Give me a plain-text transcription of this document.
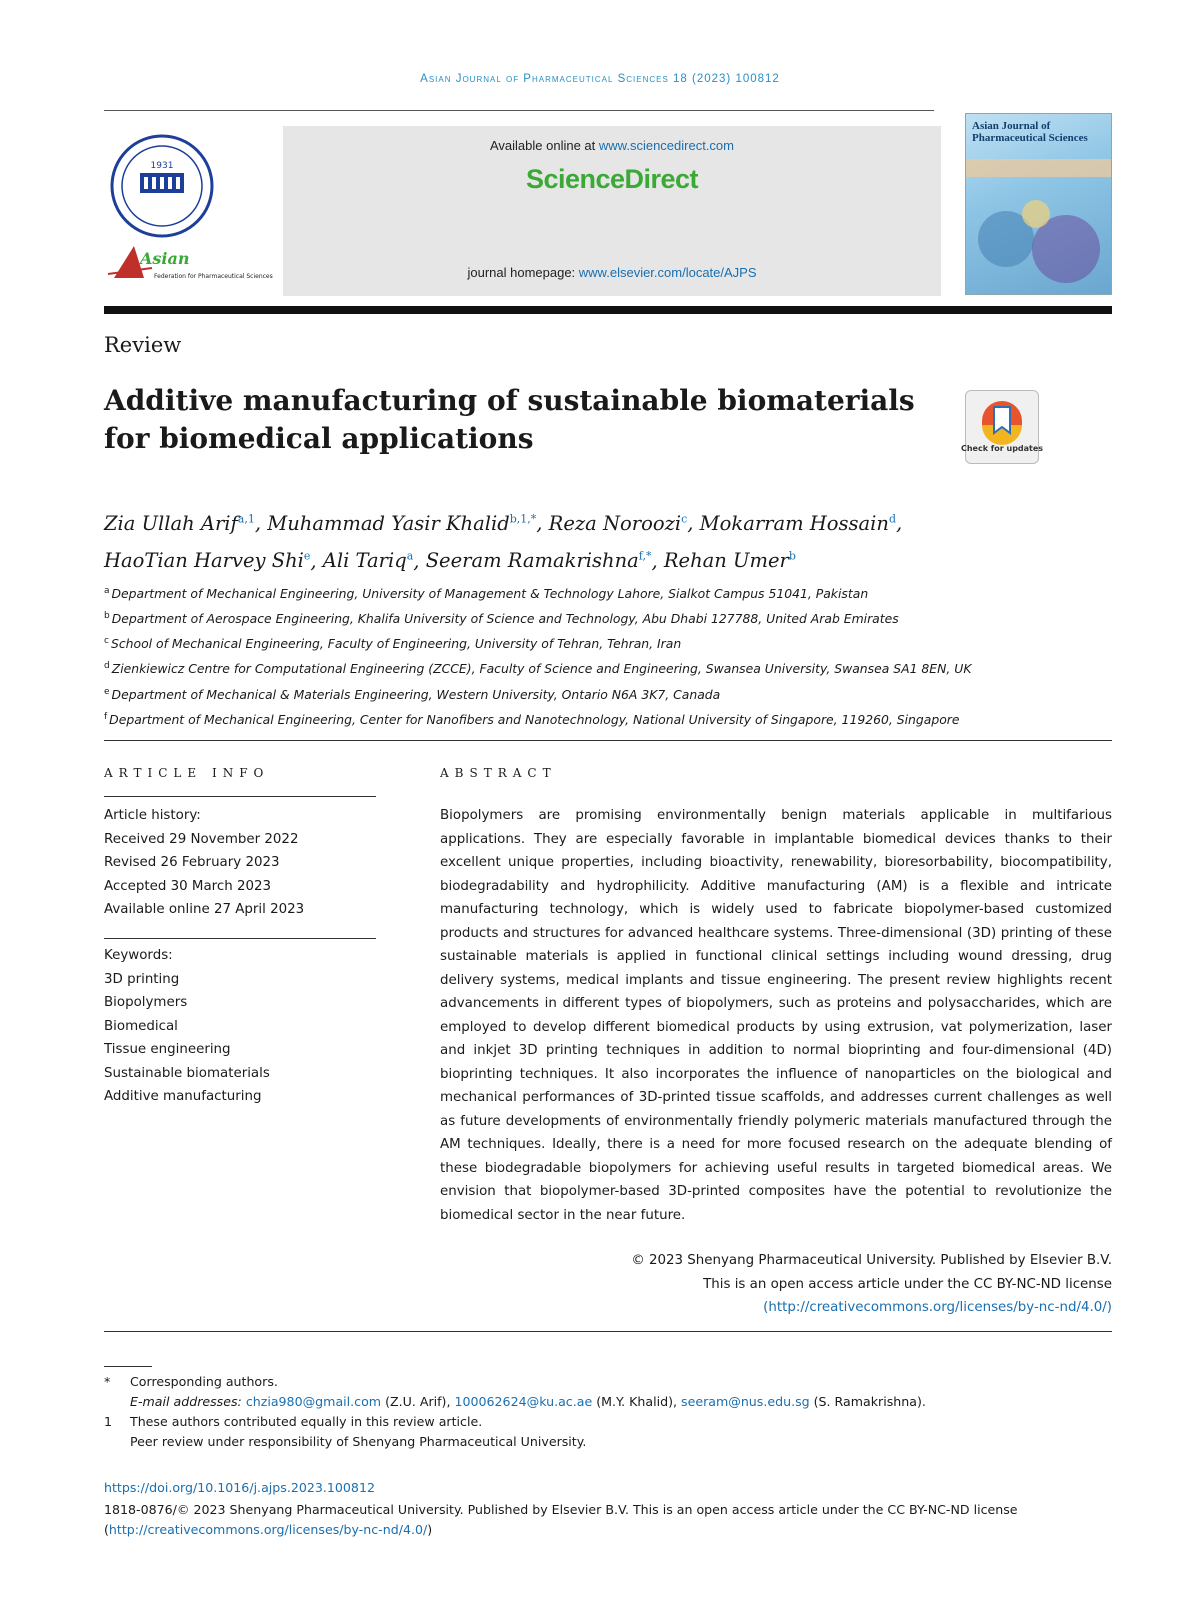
Asian Journal of Pharmaceutical Sciences 18 (2023) 100812
1931
Asian
Federation for Pharmaceutical Sciences
Available online at www.sciencedirect.com
ScienceDirect
journal homepage: www.elsevier.com/locate/AJPS
Asian Journal of Pharmaceutical Sciences
Review
Additive manufacturing of sustainable biomaterials
for biomedical applications	Check for updates
Zia Ullah Arif$^{a,1}$, Muhammad Yasir Khalid$^{b,1,*}$, Reza Noroozi$^c$, Mokarram Hossain$^d$,
HaoTian Harvey Shi$^e$, Ali Tariq$^a$, Seeram Ramakrishna$^{f,*}$, Rehan Umer$^b$
$^a$ Department of Mechanical Engineering, University of Management & Technology Lahore, Sialkot Campus 51041, Pakistan
$^b$ Department of Aerospace Engineering, Khalifa University of Science and Technology, Abu Dhabi 127788, United Arab Emirates
$^c$ School of Mechanical Engineering, Faculty of Engineering, University of Tehran, Tehran, Iran
$^d$ Zienkiewicz Centre for Computational Engineering (ZCCE), Faculty of Science and Engineering, Swansea University, Swansea SA1 8EN, UK
$^e$ Department of Mechanical & Materials Engineering, Western University, Ontario N6A 3K7, Canada
$^f$ Department of Mechanical Engineering, Center for Nanofibers and Nanotechnology, National University of Singapore, 119260, Singapore
ARTICLE INFO	ABSTRACT
Article history:
Received 29 November 2022
Revised 26 February 2023
Accepted 30 March 2023
Available online 27 April 2023
Keywords:
3D printing
Biopolymers
Biomedical
Tissue engineering
Sustainable biomaterials
Additive manufacturing
Biopolymers are promising environmentally benign materials applicable in multifarious applications. They are especially favorable in implantable biomedical devices thanks to their excellent unique properties, including bioactivity, renewability, bioresorbability, biocompatibility, biodegradability and hydrophilicity. Additive manufacturing (AM) is a flexible and intricate manufacturing technology, which is widely used to fabricate biopolymer-based customized products and structures for advanced healthcare systems. Three-dimensional (3D) printing of these sustainable materials is applied in functional clinical settings including wound dressing, drug delivery systems, medical implants and tissue engineering. The present review highlights recent advancements in different types of biopolymers, such as proteins and polysaccharides, which are employed to develop different biomedical products by using extrusion, vat polymerization, laser and inkjet 3D printing techniques in addition to normal bioprinting and four-dimensional (4D) bioprinting techniques. It also incorporates the influence of nanoparticles on the biological and mechanical performances of 3D-printed tissue scaffolds, and addresses current challenges as well as future developments of environmentally friendly polymeric materials manufactured through the AM techniques. Ideally, there is a need for more focused research on the adequate blending of these biodegradable biopolymers for achieving useful results in targeted biomedical areas. We envision that biopolymer-based 3D-printed composites have the potential to revolutionize the biomedical sector in the near future.
© 2023 Shenyang Pharmaceutical University. Published by Elsevier B.V.
This is an open access article under the CC BY-NC-ND license
(http://creativecommons.org/licenses/by-nc-nd/4.0/)
* Corresponding authors.
E-mail addresses: chzia980@gmail.com (Z.U. Arif), 100062624@ku.ac.ae (M.Y. Khalid), seeram@nus.edu.sg (S. Ramakrishna).
1 These authors contributed equally in this review article.
Peer review under responsibility of Shenyang Pharmaceutical University.
https://doi.org/10.1016/j.ajps.2023.100812
1818-0876/© 2023 Shenyang Pharmaceutical University. Published by Elsevier B.V. This is an open access article under the CC BY-NC-ND license (http://creativecommons.org/licenses/by-nc-nd/4.0/)
